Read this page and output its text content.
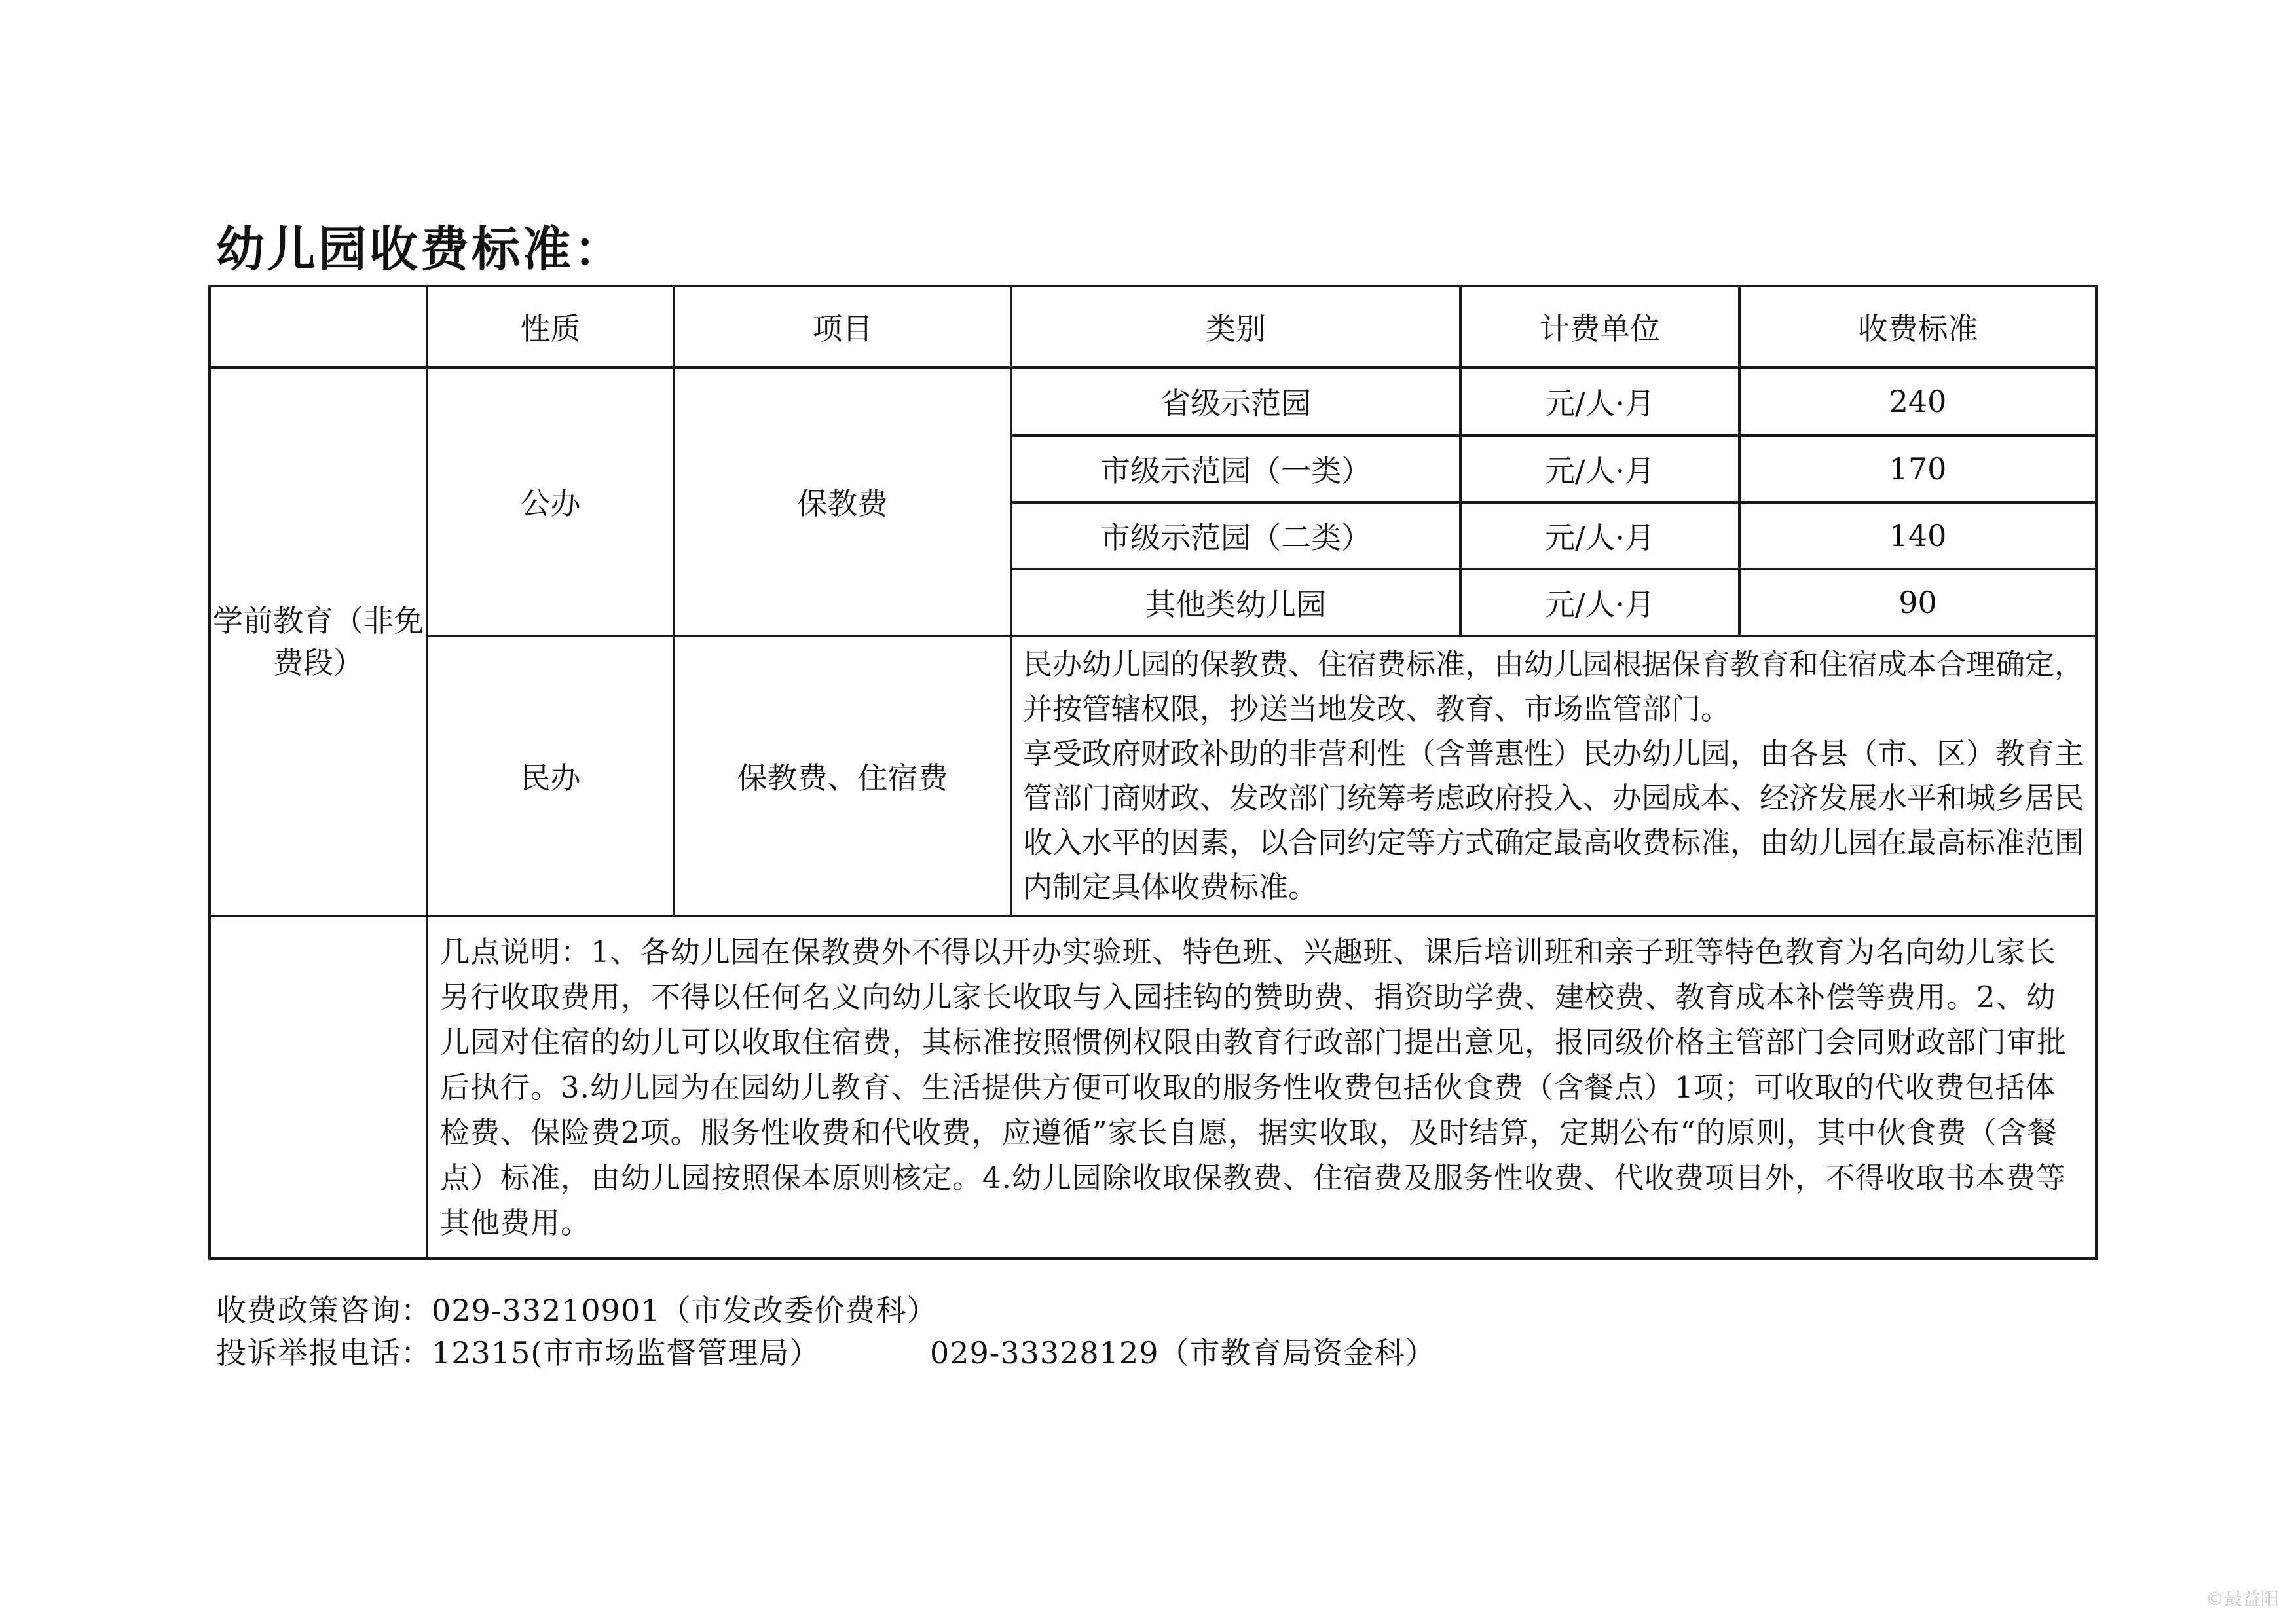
幼儿园收费标准：
	性质	项目	类别	计费单位	收费标准
学前教育（非免费段）	公办	保教费	省级示范园	元/人·月	240
			市级示范园（一类）	元/人·月	170
			市级示范园（二类）	元/人·月	140
			其他类幼儿园	元/人·月	90
	民办	保教费、住宿费	民办幼儿园的保教费、住宿费标准，由幼儿园根据保育教育和住宿成本合理确定，并按管辖权限，抄送当地发改、教育、市场监管部门。
享受政府财政补助的非营利性（含普惠性）民办幼儿园，由各县（市、区）教育主管部门商财政、发改部门统筹考虑政府投入、办园成本、经济发展水平和城乡居民收入水平的因素，以合同约定等方式确定最高收费标准，由幼儿园在最高标准范围内制定具体收费标准。		

	几点说明：1、各幼儿园在保教费外不得以开办实验班、特色班、兴趣班、课后培训班和亲子班等特色教育为名向幼儿家长另行收取费用，不得以任何名义向幼儿家长收取与入园挂钩的赞助费、捐资助学费、建校费、教育成本补偿等费用。2、幼儿园对住宿的幼儿可以收取住宿费，其标准按照惯例权限由教育行政部门提出意见，报同级价格主管部门会同财政部门审批后执行。3.幼儿园为在园幼儿教育、生活提供方便可收取的服务性收费包括伙食费（含餐点）1项；可收取的代收费包括体检费、保险费2项。服务性收费和代收费，应遵循”家长自愿，据实收取，及时结算，定期公布“的原则，其中伙食费（含餐点）标准，由幼儿园按照保本原则核定。4.幼儿园除收取保教费、住宿费及服务性收费、代收费项目外，不得收取书本费等其他费用。				
收费政策咨询：029-33210901（市发改委价费科）
投诉举报电话：12315(市市场监督管理局）	029-33328129（市教育局资金科）
©最益阳
